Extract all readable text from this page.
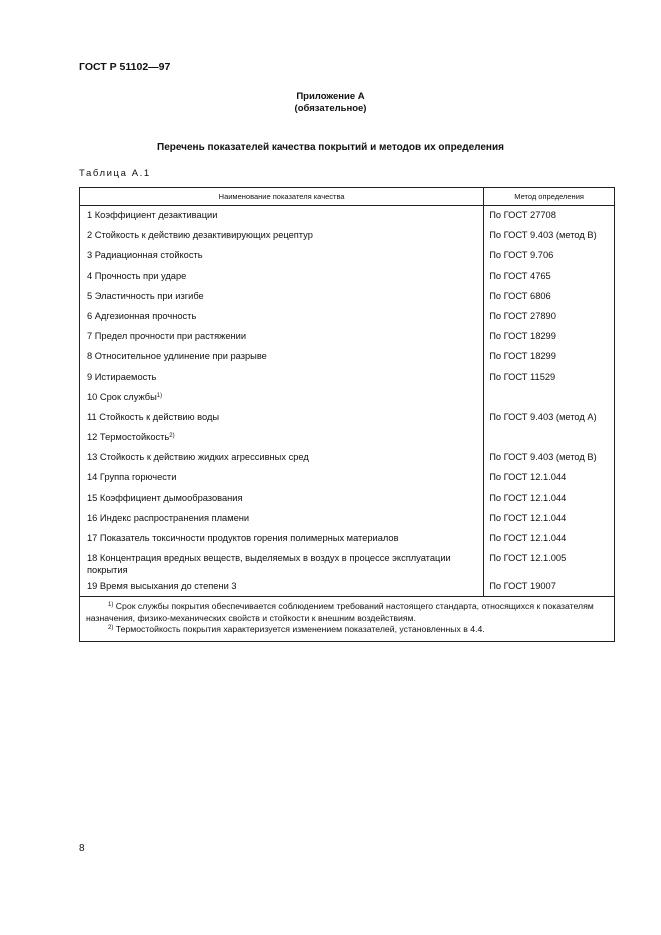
ГОСТ Р 51102—97
Приложение А
(обязательное)
Перечень показателей качества покрытий и методов их определения
Таблица А.1
Наименование показателя качества	Метод определения
1 Коэффициент дезактивации	По ГОСТ 27708
2 Стойкость к действию дезактивирующих рецептур	По ГОСТ 9.403 (метод В)
3 Радиационная стойкость	По ГОСТ 9.706
4 Прочность при ударе	По ГОСТ 4765
5 Эластичность при изгибе	По ГОСТ 6806
6 Адгезионная прочность	По ГОСТ 27890
7 Предел прочности при растяжении	По ГОСТ 18299
8 Относительное удлинение при разрыве	По ГОСТ 18299
9 Истираемость	По ГОСТ 11529
10 Срок службы$^{1)}$	
11 Стойкость к действию воды	По ГОСТ 9.403 (метод А)
12 Термостойкость$^{2)}$	
13 Стойкость к действию жидких агрессивных сред	По ГОСТ 9.403 (метод В)
14 Группа горючести	По ГОСТ 12.1.044
15 Коэффициент дымообразования	По ГОСТ 12.1.044
16 Индекс распространения пламени	По ГОСТ 12.1.044
17 Показатель токсичности продуктов горения полимерных материалов	По ГОСТ 12.1.044
18 Концентрация вредных веществ, выделяемых в воздух в процессе эксплуатации покрытия	По ГОСТ 12.1.005
19 Время высыхания до степени 3	По ГОСТ 19007

$^{1)}$ Срок службы покрытия обеспечивается соблюдением требований настоящего стандарта, относящихся к показателям назначения, физико-механических свойств и стойкости к внешним воздействиям.

$^{2)}$ Термостойкость покрытия характеризуется изменением показателей, установленных в 4.4.	

8
